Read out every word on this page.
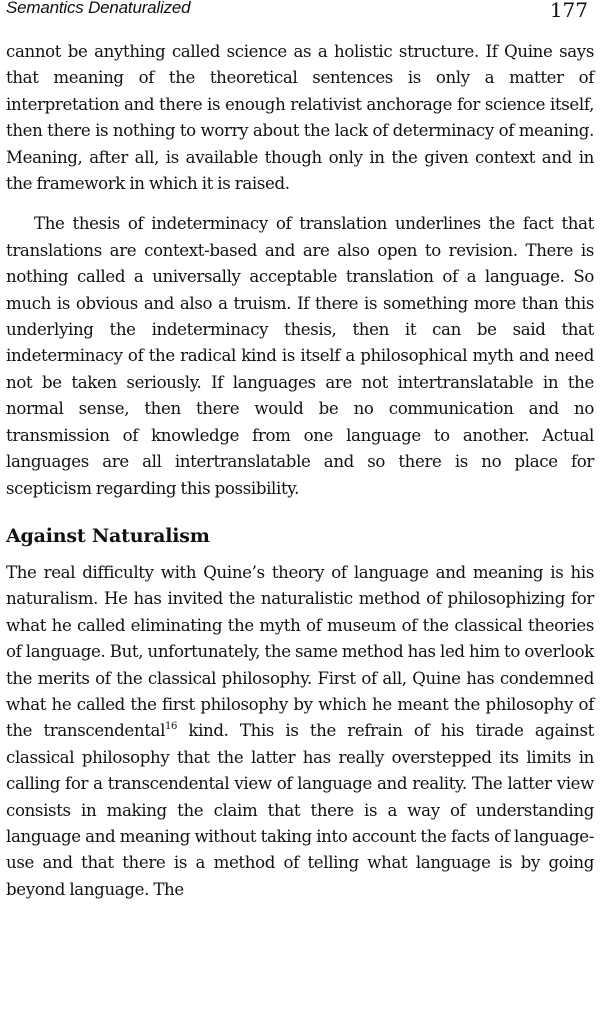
Semantics Denaturalized	177

cannot be anything called science as a holistic structure. If Quine says that meaning of the theoretical sentences is only a matter of interpretation and there is enough relativist anchorage for science itself, then there is nothing to worry about the lack of determinacy of meaning. Meaning, after all, is available though only in the given context and in the framework in which it is raised.

The thesis of indeterminacy of translation underlines the fact that translations are context-based and are also open to revision. There is nothing called a universally acceptable translation of a language. So much is obvious and also a truism. If there is something more than this underlying the indeterminacy thesis, then it can be said that indeterminacy of the radical kind is itself a philosophical myth and need not be taken seriously. If languages are not intertranslatable in the normal sense, then there would be no communication and no transmission of knowledge from one language to another. Actual languages are all intertranslatable and so there is no place for scepticism regarding this possibility.

Against Naturalism

The real difficulty with Quine’s theory of language and meaning is his naturalism. He has invited the naturalistic method of philosophizing for what he called eliminating the myth of museum of the classical theories of language. But, unfortunately, the same method has led him to overlook the merits of the classical philosophy. First of all, Quine has condemned what he called the first philosophy by which he meant the philosophy of the transcendental$^{16}$ kind. This is the refrain of his tirade against classical philosophy that the latter has really overstepped its limits in calling for a transcendental view of language and reality. The latter view consists in making the claim that there is a way of understanding language and meaning without taking into account the facts of language-use and that there is a method of telling what language is by going beyond language. The
